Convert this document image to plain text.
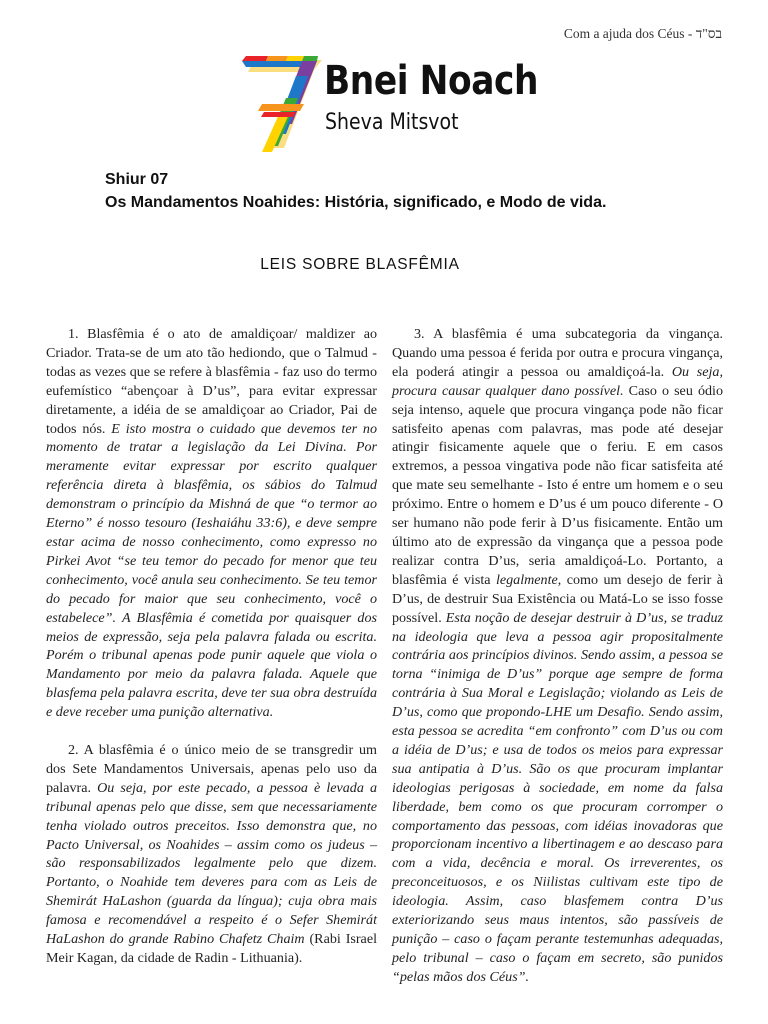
Com a ajuda dos Céus - בס"ד
Bnei Noach
Sheva Mitsvot
Shiur 07
Os Mandamentos Noahides: História, significado, e Modo de vida.
LEIS SOBRE BLASFÊMIA

1. Blasfêmia é o ato de amaldiçoar/ maldizer ao Criador. Trata-se de um ato tão hediondo, que o Talmud - todas as vezes que se refere à blasfêmia - faz uso do termo eufemístico “abençoar à D’us”, para evitar expressar diretamente, a idéia de se amaldiçoar ao Criador, Pai de todos nós. E isto mostra o cuidado que devemos ter no momento de tratar a legislação da Lei Divina. Por meramente evitar expressar por escrito qualquer referência direta à blasfêmia, os sábios do Talmud demonstram o princípio da Mishná de que “o termor ao Eterno” é nosso tesouro (Ieshaiáhu 33:6), e deve sempre estar acima de nosso conhecimento, como expresso no Pirkei Avot “se teu temor do pecado for menor que teu conhecimento, você anula seu conhecimento. Se teu temor do pecado for maior que seu conhecimento, você o estabelece”. A Blasfêmia é cometida por quaisquer dos meios de expressão, seja pela palavra falada ou escrita. Porém o tribunal apenas pode punir aquele que viola o Mandamento por meio da palavra falada. Aquele que blasfema pela palavra escrita, deve ter sua obra destruída e deve receber uma punição alternativa.

2. A blasfêmia é o único meio de se transgredir um dos Sete Mandamentos Universais, apenas pelo uso da palavra. Ou seja, por este pecado, a pessoa è levada a tribunal apenas pelo que disse, sem que necessariamente tenha violado outros preceitos. Isso demonstra que, no Pacto Universal, os Noahides – assim como os judeus – são responsabilizados legalmente pelo que dizem. Portanto, o Noahide tem deveres para com as Leis de Shemirát HaLashon (guarda da língua); cuja obra mais famosa e recomendável a respeito é o Sefer Shemirát HaLashon do grande Rabino Chafetz Chaim (Rabi Israel Meir Kagan, da cidade de Radin - Lithuania).

3. A blasfêmia é uma subcategoria da vingança. Quando uma pessoa é ferida por outra e procura vingança, ela poderá atingir a pessoa ou amaldiçoá-la. Ou seja, procura causar qualquer dano possível. Caso o seu ódio seja intenso, aquele que procura vingança pode não ficar satisfeito apenas com palavras, mas pode até desejar atingir fisicamente aquele que o feriu. E em casos extremos, a pessoa vingativa pode não ficar satisfeita até que mate seu semelhante - Isto é entre um homem e o seu próximo. Entre o homem e D’us é um pouco diferente - O ser humano não pode ferir à D’us fisicamente. Então um último ato de expressão da vingança que a pessoa pode realizar contra D’us, seria amaldiçoá-Lo. Portanto, a blasfêmia é vista legalmente, como um desejo de ferir à D’us, de destruir Sua Existência ou Matá-Lo se isso fosse possível. Esta noção de desejar destruir à D’us, se traduz na ideologia que leva a pessoa agir propositalmente contrária aos princípios divinos. Sendo assim, a pessoa se torna “inimiga de D’us” porque age sempre de forma contrária à Sua Moral e Legislação; violando as Leis de D’us, como que propondo-LHE um Desafio. Sendo assim, esta pessoa se acredita “em confronto” com D’us ou com a idéia de D’us; e usa de todos os meios para expressar sua antipatia à D’us. São os que procuram implantar ideologias perigosas à sociedade, em nome da falsa liberdade, bem como os que procuram corromper o comportamento das pessoas, com idéias inovadoras que proporcionam incentivo a libertinagem e ao descaso para com a vida, decência e moral. Os irreverentes, os preconceituosos, e os Niilistas cultivam este tipo de ideologia. Assim, caso blasfemem contra D’us exteriorizando seus maus intentos, são passíveis de punição – caso o façam perante testemunhas adequadas, pelo tribunal – caso o façam em secreto, são punidos “pelas mãos dos Céus”.
